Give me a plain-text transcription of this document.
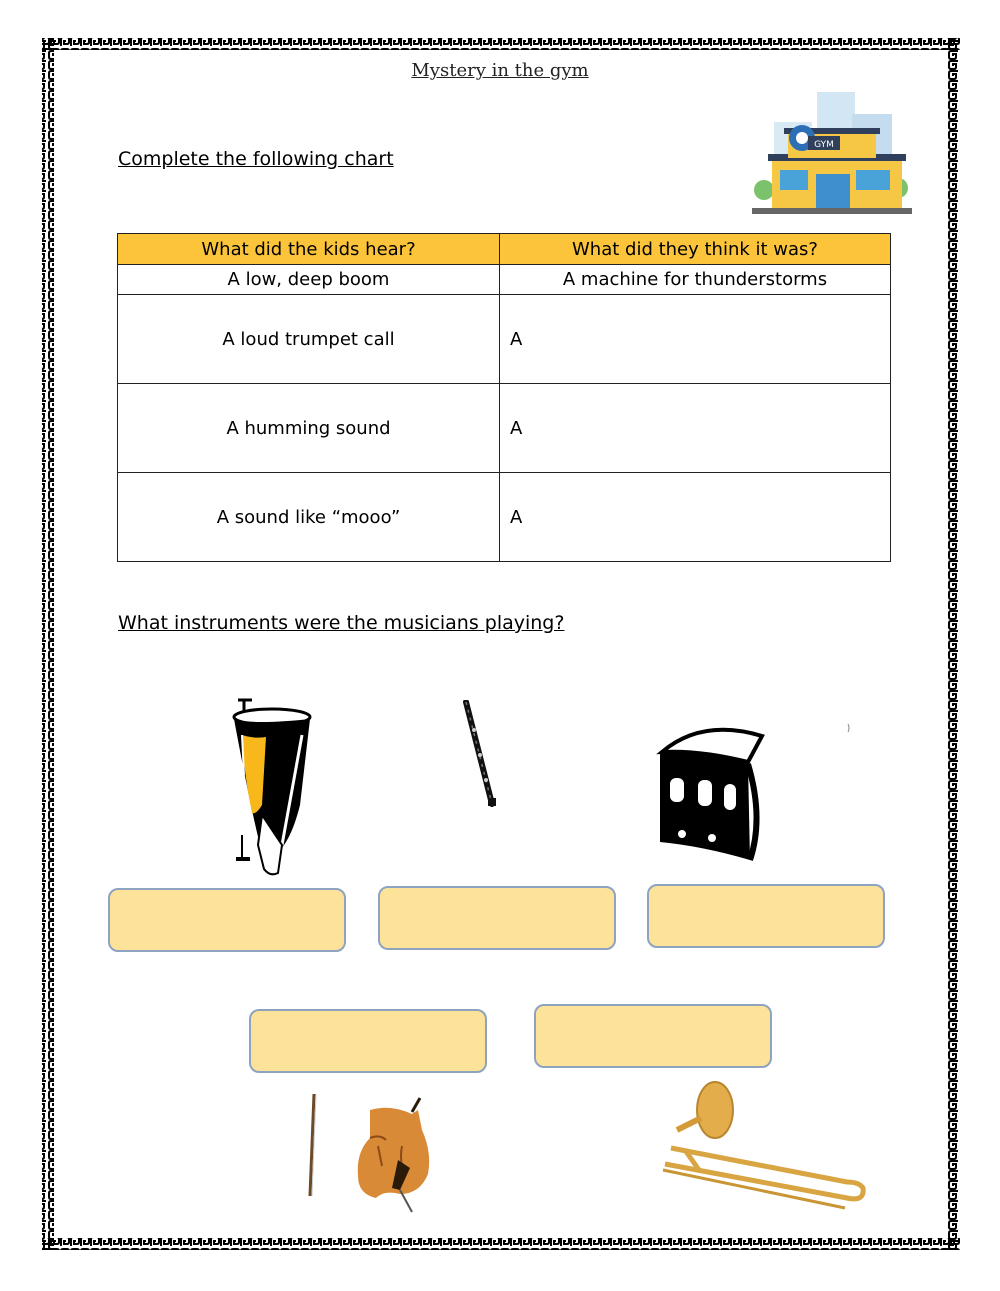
Mystery in the gym
GYM
Complete the following chart
What did the kids hear?	What did they think it was?
A low, deep boom	A machine for thunderstorms
A loud trumpet call	A
A humming sound	A
A sound like “mooo”	A
What instruments were the musicians playing?
